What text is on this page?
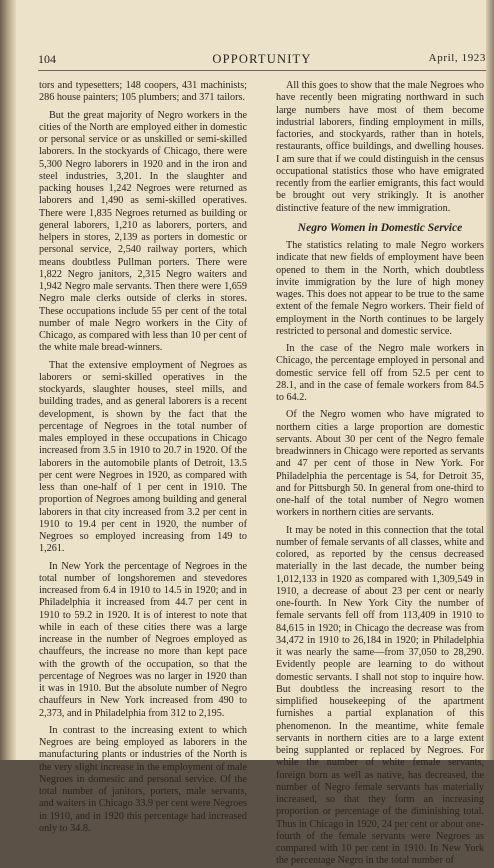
104	OPPORTUNITY	April, 1923

tors and typesetters; 148 coopers, 431 machinists; 286 house painters; 105 plumbers; and 371 tailors.

But the great majority of Negro workers in the cities of the North are employed either in domestic or personal service or as unskilled or semi-skilled laborers. In the stockyards of Chicago, there were 5,300 Negro laborers in 1920 and in the iron and steel industries, 3,201. In the slaughter and packing houses 1,242 Negroes were returned as laborers and 1,490 as semi-skilled operatives. There were 1,835 Negroes returned as building or general laborers, 1,210 as laborers, porters, and helpers in stores, 2,139 as porters in domestic or personal service, 2,540 railway porters, which means doubtless Pullman porters. There were 1,822 Negro janitors, 2,315 Negro waiters and 1,942 Negro male servants. Then there were 1,659 Negro male clerks outside of clerks in stores. These occupations include 55 per cent of the total number of male Negro workers in the City of Chicago, as compared with less than 10 per cent of the white male bread-winners.

That the extensive employment of Negroes as laborers or semi-skilled operatives in the stockyards, slaughter houses, steel mills, and building trades, and as general laborers is a recent development, is shown by the fact that the percentage of Negroes in the total number of males employed in these occupations in Chicago increased from 3.5 in 1910 to 20.7 in 1920. Of the laborers in the automobile plants of Detroit, 13.5 per cent were Negroes in 1920, as compared with less than one-half of 1 per cent in 1910. The proportion of Negroes among building and general laborers in that city increased from 3.2 per cent in 1910 to 19.4 per cent in 1920, the number of Negroes so employed increasing from 149 to 1,261.

In New York the percentage of Negroes in the total number of longshoremen and stevedores increased from 6.4 in 1910 to 14.5 in 1920; and in Philadelphia it increased from 44.7 per cent in 1910 to 59.2 in 1920. It is of interest to note that while in each of these cities there was a large increase in the number of Negroes employed as chauffeurs, the increase no more than kept pace with the growth of the occupation, so that the percentage of Negroes was no larger in 1920 than it was in 1910. But the absolute number of Negro chauffeurs in New York increased from 490 to 2,373, and in Philadelphia from 312 to 2,195.

In contrast to the increasing extent to which Negroes are being employed as laborers in the manufacturing plants or industries of the North is the very slight increase in the employment of male Negroes in domestic and personal service. Of the total number of janitors, porters, male servants, and waiters in Chicago 33.9 per cent were Negroes in 1910, and in 1920 this percentage had increased only to 34.8.

All this goes to show that the male Negroes who have recently been migrating northward in such large numbers have most of them become industrial laborers, finding employment in mills, factories, and stockyards, rather than in hotels, restaurants, office buildings, and dwelling houses. I am sure that if we could distinguish in the census occupational statistics those who have emigrated recently from the earlier emigrants, this fact would be brought out very strikingly. It is another distinctive feature of the new immigration.

Negro Women in Domestic Service

The statistics relating to male Negro workers indicate that new fields of employment have been opened to them in the North, which doubtless invite immigration by the lure of high money wages. This does not appear to be true to the same extent of the female Negro workers. Their field of employment in the North continues to be largely restricted to personal and domestic service.

In the case of the Negro male workers in Chicago, the percentage employed in personal and domestic service fell off from 52.5 per cent to 28.1, and in the case of female workers from 84.5 to 64.2.

Of the Negro women who have migrated to northern cities a large proportion are domestic servants. About 30 per cent of the Negro female breadwinners in Chicago were reported as servants and 47 per cent of those in New York. For Philadelphia the percentage is 54, for Detroit 35, and for Pittsburgh 50. In general from one-third to one-half of the total number of Negro women workers in northern cities are servants.

It may be noted in this connection that the total number of female servants of all classes, white and colored, as reported by the census decreased materially in the last decade, the number being 1,012,133 in 1920 as compared with 1,309,549 in 1910, a decrease of about 23 per cent or nearly one-fourth. In New York City the number of female servants fell off from 113,409 in 1910 to 84,615 in 1920; in Chicago the decrease was from 34,472 in 1910 to 26,184 in 1920; in Philadelphia it was nearly the same—from 37,050 to 28,290. Evidently people are learning to do without domestic servants. I shall not stop to inquire how. But doubtless the increasing resort to the simplified housekeeping of the apartment furnishes a partial explanation of this phenomenon. In the meantime, white female servants in northern cities are to a large extent being supplanted or replaced by Negroes. For while the number of white female servants, foreign born as well as native, has decreased, the number of Negro female servants has materially increased, so that they form an increasing proportion or percentage of the diminishing total. Thus in Chicago in 1920, 24 per cent or about one-fourth of the female servants were Negroes as compared with 10 per cent in 1910. In New York the percentage Negro in the total number of
